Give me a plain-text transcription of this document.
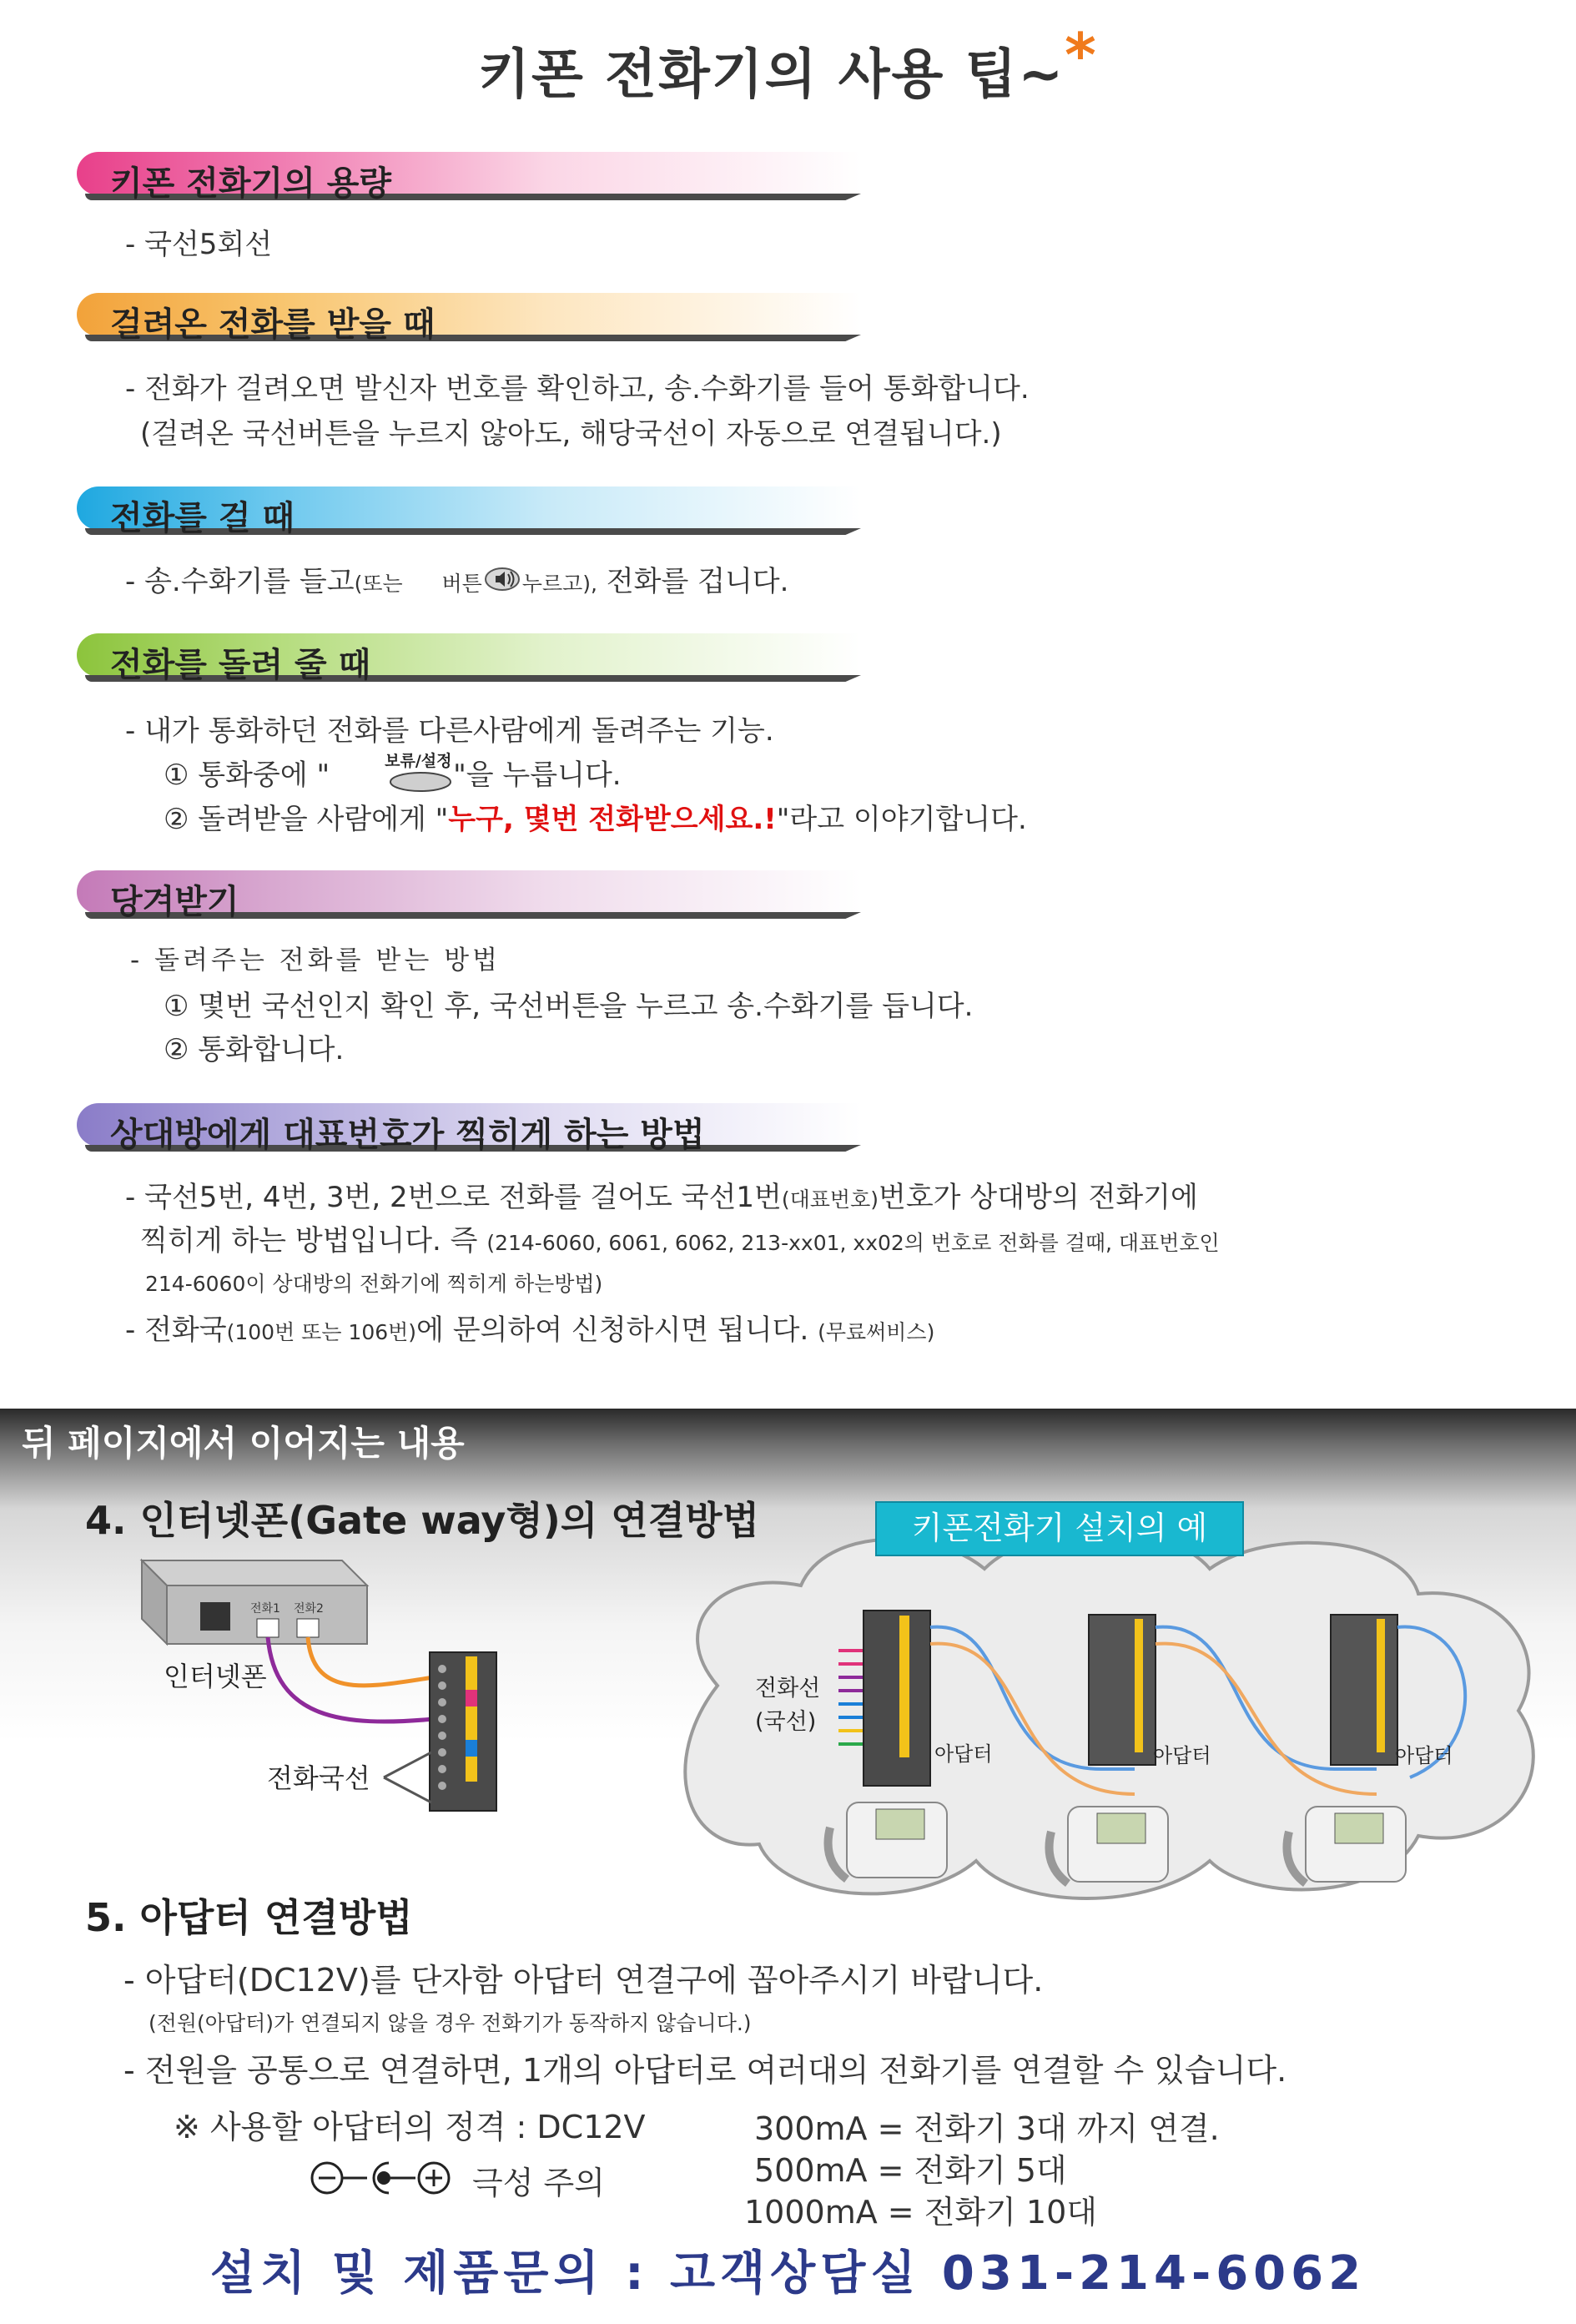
키폰 전화기의 사용 팁~*
키폰 전화기의 용량
- 국선5회선
걸려온 전화를 받을 때
- 전화가 걸려오면 발신자 번호를 확인하고, 송.수화기를 들어 통화합니다.
(걸려온 국선버튼을 누르지 않아도, 해당국선이 자동으로 연결됩니다.)
전화를 걸 때
- 송.수화기를 들고(또는 버튼 누르고), 전화를 겁니다.
전화를 돌려 줄 때
- 내가 통화하던 전화를 다른사람에게 돌려주는 기능.
① 통화중에 "	보류/설정 "을 누릅니다.
② 돌려받을 사람에게 "누구, 몇번 전화받으세요.!"라고 이야기합니다.
당겨받기
- 돌려주는 전화를 받는 방법
① 몇번 국선인지 확인 후, 국선버튼을 누르고 송.수화기를 듭니다.
② 통화합니다.
상대방에게 대표번호가 찍히게 하는 방법
- 국선5번, 4번, 3번, 2번으로 전화를 걸어도 국선1번(대표번호)번호가 상대방의 전화기에
찍히게 하는 방법입니다. 즉 (214-6060, 6061, 6062, 213-xx01, xx02의 번호로 전화를 걸때, 대표번호인
214-6060이 상대방의 전화기에 찍히게 하는방법)
- 전화국(100번 또는 106번)에 문의하여 신청하시면 됩니다. (무료써비스)
뒤 페이지에서 이어지는 내용
4. 인터넷폰(Gate way형)의 연결방법
전화1 전화2
인터넷폰
전화국선
키폰전화기 설치의 예
전화선
(국선)
아답터	아답터	아답터
5. 아답터 연결방법
- 아답터(DC12V)를 단자함 아답터 연결구에 꼽아주시기 바랍니다.
(전원(아답터)가 연결되지 않을 경우 전화기가 동작하지 않습니다.)
- 전원을 공통으로 연결하면, 1개의 아답터로 여러대의 전화기를 연결할 수 있습니다.
※ 사용할 아답터의 정격 : DC12V
극성 주의
300mA = 전화기 3대 까지 연결.
500mA = 전화기 5대
1000mA = 전화기 10대
설치 및 제품문의 : 고객상담실 031-214-6062
